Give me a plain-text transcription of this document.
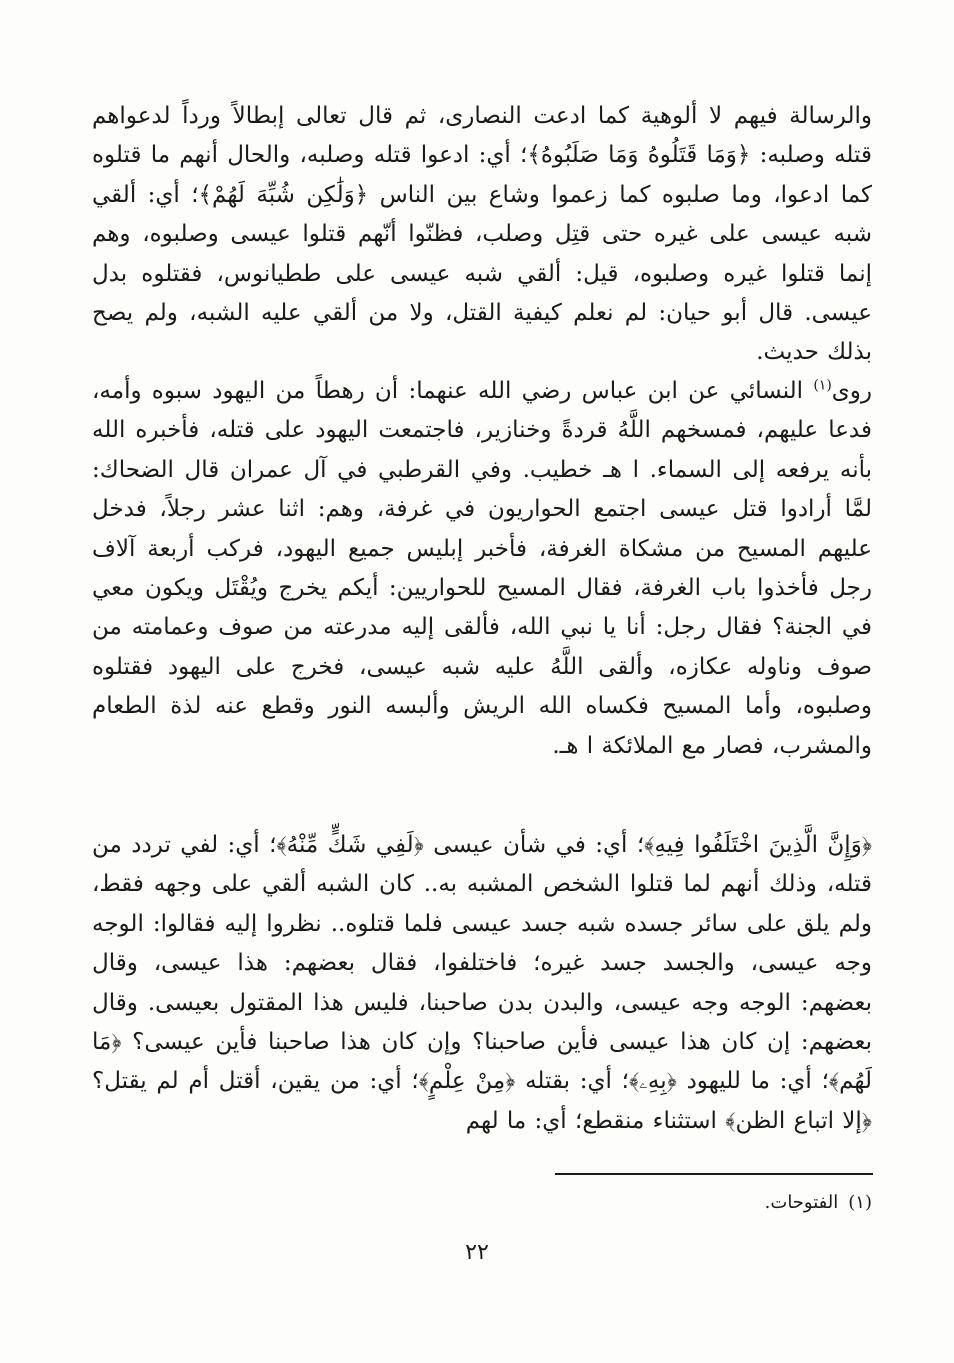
والرسالة فيهم لا ألوهية كما ادعت النصارى، ثم قال تعالى إبطالاً ورداً لدعواهم قتله وصلبه: ﴿وَمَا قَتَلُوهُ وَمَا صَلَبُوهُ﴾؛ أي: ادعوا قتله وصلبه، والحال أنهم ما قتلوه كما ادعوا، وما صلبوه كما زعموا وشاع بين الناس ﴿وَلَٰكِن شُبِّهَ لَهُمْ﴾؛ أي: ألقي شبه عيسى على غيره حتى قتِل وصلب، فظنّوا أنّهم قتلوا عيسى وصلبوه، وهم إنما قتلوا غيره وصلبوه، قيل: ألقي شبه عيسى على ططيانوس، فقتلوه بدل عيسى. قال أبو حيان: لم نعلم كيفية القتل، ولا من ألقي عليه الشبه، ولم يصح بذلك حديث.

روى$^{(١)}$ النسائي عن ابن عباس رضي الله عنهما: أن رهطاً من اليهود سبوه وأمه، فدعا عليهم، فمسخهم اللَّهُ قردةً وخنازير، فاجتمعت اليهود على قتله، فأخبره الله بأنه يرفعه إلى السماء. ا هـ خطيب. وفي القرطبي في آل عمران قال الضحاك: لمَّا أرادوا قتل عيسى اجتمع الحواريون في غرفة، وهم: اثنا عشر رجلاً، فدخل عليهم المسيح من مشكاة الغرفة، فأخبر إبليس جميع اليهود، فركب أربعة آلاف رجل فأخذوا باب الغرفة، فقال المسيح للحواريين: أيكم يخرج ويُقْتَل ويكون معي في الجنة؟ فقال رجل: أنا يا نبي الله، فألقى إليه مدرعته من صوف وعمامته من صوف وناوله عكازه، وألقى اللَّهُ عليه شبه عيسى، فخرج على اليهود فقتلوه وصلبوه، وأما المسيح فكساه الله الريش وألبسه النور وقطع عنه لذة الطعام والمشرب، فصار مع الملائكة ا هـ.

﴿وَإِنَّ الَّذِينَ اخْتَلَفُوا فِيهِ﴾؛ أي: في شأن عيسى ﴿لَفِي شَكٍّ مِّنْهُ﴾؛ أي: لفي تردد من قتله، وذلك أنهم لما قتلوا الشخص المشبه به.. كان الشبه ألقي على وجهه فقط، ولم يلق على سائر جسده شبه جسد عيسى فلما قتلوه.. نظروا إليه فقالوا: الوجه وجه عيسى، والجسد جسد غيره؛ فاختلفوا، فقال بعضهم: هذا عيسى، وقال بعضهم: الوجه وجه عيسى، والبدن بدن صاحبنا، فليس هذا المقتول بعيسى. وقال بعضهم: إن كان هذا عيسى فأين صاحبنا؟ وإن كان هذا صاحبنا فأين عيسى؟ ﴿مَا لَهُم﴾؛ أي: ما لليهود ﴿بِهِۦ﴾؛ أي: بقتله ﴿مِنْ عِلْمٍ﴾؛ أي: من يقين، أقتل أم لم يقتل؟ ﴿إلا اتباع الظن﴾ استثناء منقطع؛ أي: ما لهم

(١)الفتوحات.
٢٢
